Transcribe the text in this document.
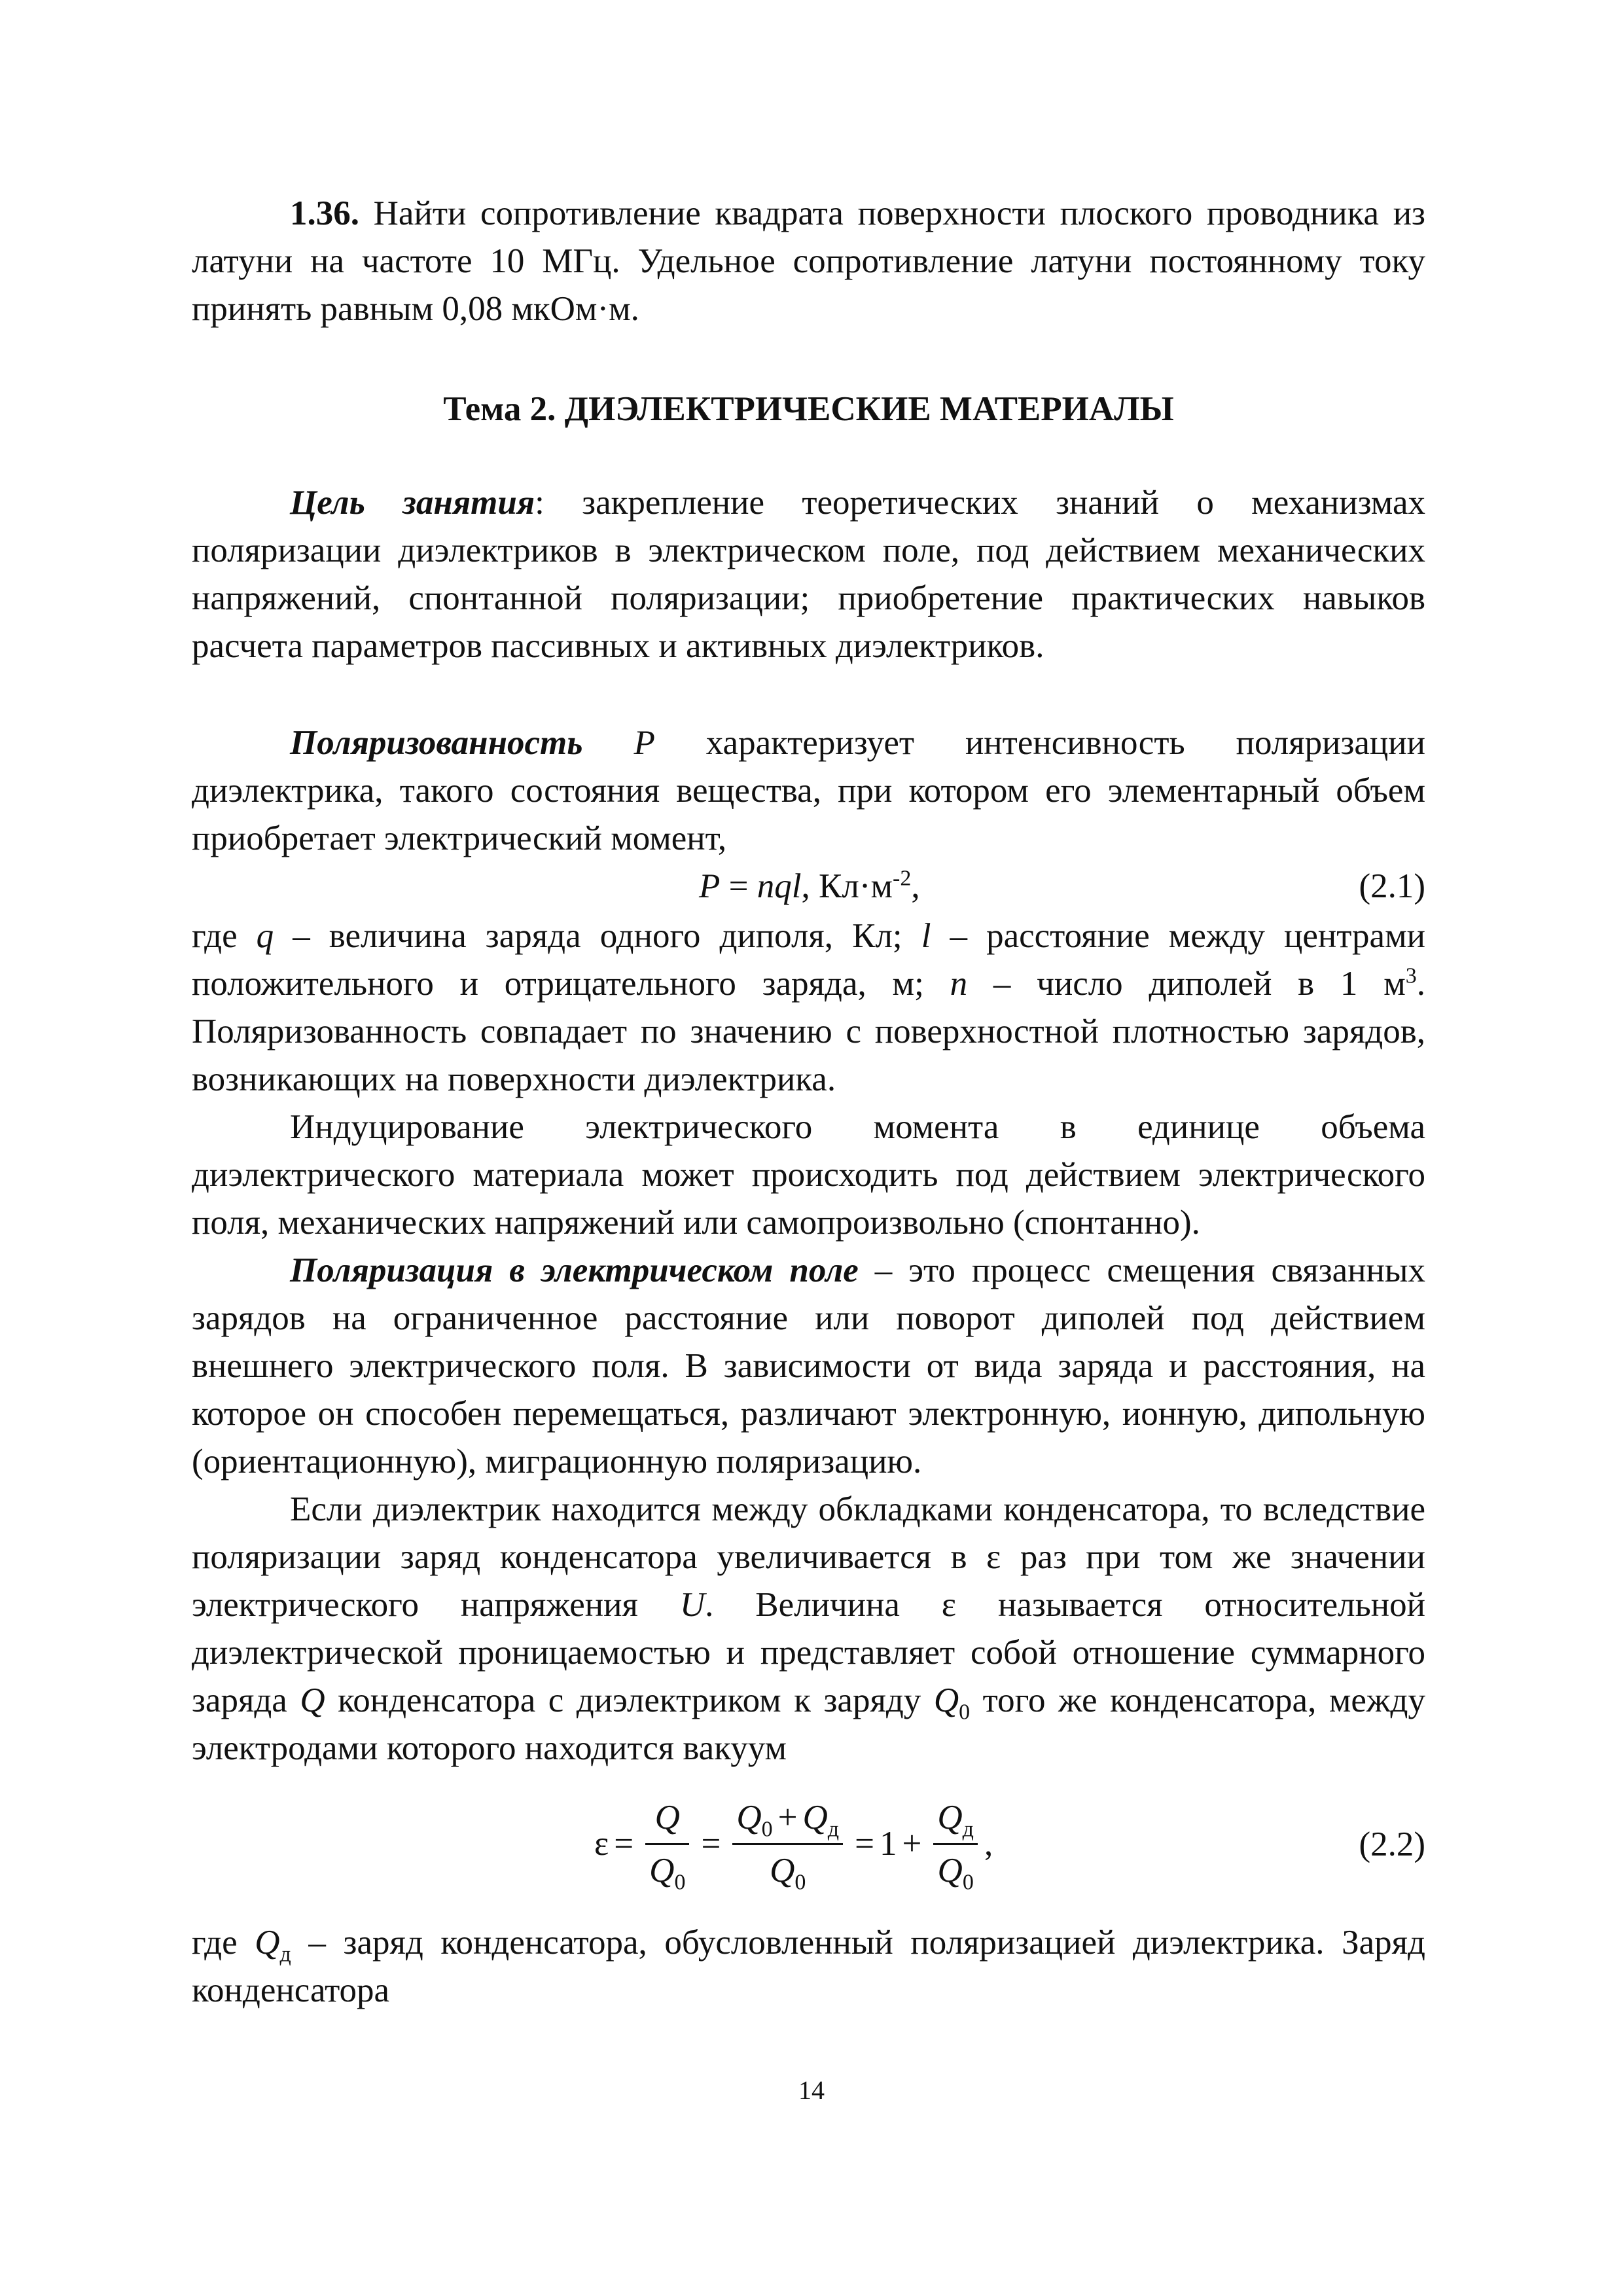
1.36. Найти сопротивление квадрата поверхности плоского проводника из латуни на частоте 10 МГц. Удельное сопротивление латуни постоянному току принять равным 0,08 мкОм·м.

Тема 2. ДИЭЛЕКТРИЧЕСКИЕ МАТЕРИАЛЫ

Цель занятия: закрепление теоретических знаний о механизмах поляризации диэлектриков в электрическом поле, под действием механических напряжений, спонтанной поляризации; приобретение практических навыков расчета параметров пассивных и активных диэлектриков.

Поляризованность P характеризует интенсивность поляризации диэлектрика, такого состояния вещества, при котором его элементарный объем приобретает электрический момент,

P = nql, $Кл\cdot м^{-2}$,	(2.1)

где q – величина заряда одного диполя, Кл; l – расстояние между центрами положительного и отрицательного заряда, м; n – число диполей в 1 $м^3$. Поляризованность совпадает по значению с поверхностной плотностью зарядов, возникающих на поверхности диэлектрика.

Индуцирование электрического момента в единице объема диэлектрического материала может происходить под действием электрического поля, механических напряжений или самопроизвольно (спонтанно).

Поляризация в электрическом поле – это процесс смещения связанных зарядов на ограниченное расстояние или поворот диполей под действием внешнего электрического поля. В зависимости от вида заряда и расстояния, на которое он способен перемещаться, различают электронную, ионную, дипольную (ориентационную), миграционную поляризацию.

Если диэлектрик находится между обкладками конденсатора, то вследствие поляризации заряд конденсатора увеличивается в ε раз при том же значении электрического напряжения U. Величина ε называется относительной диэлектрической проницаемостью и представляет собой отношение суммарного заряда Q конденсатора с диэлектриком к заряду $Q_0$ того же конденсатора, между электродами которого находится вакуум

$\varepsilon = \frac{Q}{Q_0} = \frac{Q_0 + Q_д}{Q_0} = 1 + \frac{Q_д}{Q_0}$ ,	(2.2)

где $Q_д$ – заряд конденсатора, обусловленный поляризацией диэлектрика. Заряд конденсатора

14
